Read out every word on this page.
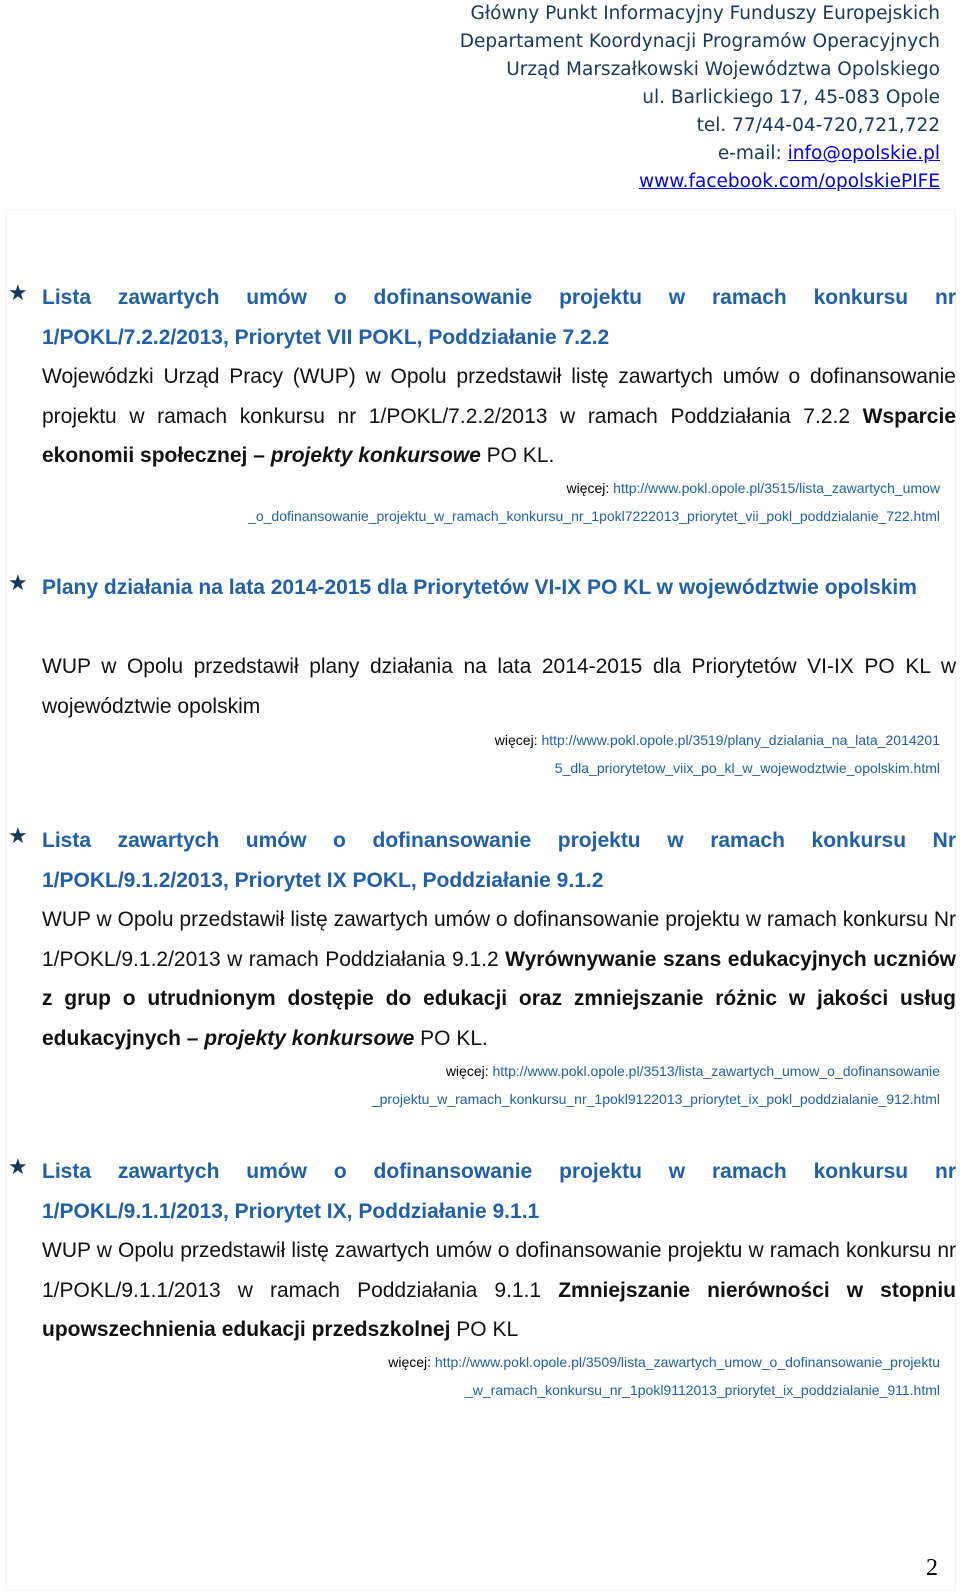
Główny Punkt Informacyjny Funduszy Europejskich
Departament Koordynacji Programów Operacyjnych
Urząd Marszałkowski Województwa Opolskiego
ul. Barlickiego 17, 45-083 Opole
tel. 77/44-04-720,721,722
e-mail: info@opolskie.pl
www.facebook.com/opolskiePIFE
★ Lista zawartych umów o dofinansowanie projektu w ramach konkursu nr 1/POKL/7.2.2/2013, Priorytet VII POKL, Poddziałanie 7.2.2
Wojewódzki Urząd Pracy (WUP) w Opolu przedstawił listę zawartych umów o dofinansowanie projektu w ramach konkursu nr 1/POKL/7.2.2/2013 w ramach Poddziałania 7.2.2 Wsparcie ekonomii społecznej – projekty konkursowe PO KL.
więcej: http://www.pokl.opole.pl/3515/lista_zawartych_umow
_o_dofinansowanie_projektu_w_ramach_konkursu_nr_1pokl7222013_priorytet_vii_pokl_poddzialanie_722.html
★ Plany działania na lata 2014-2015 dla Priorytetów VI-IX PO KL w województwie opolskim
WUP w Opolu przedstawił plany działania na lata 2014-2015 dla Priorytetów VI-IX PO KL w województwie opolskim
więcej: http://www.pokl.opole.pl/3519/plany_dzialania_na_lata_2014201
5_dla_priorytetow_viix_po_kl_w_wojewodztwie_opolskim.html
★ Lista zawartych umów o dofinansowanie projektu w ramach konkursu Nr 1/POKL/9.1.2/2013, Priorytet IX POKL, Poddziałanie 9.1.2
WUP w Opolu przedstawił listę zawartych umów o dofinansowanie projektu w ramach konkursu Nr 1/POKL/9.1.2/2013 w ramach Poddziałania 9.1.2 Wyrównywanie szans edukacyjnych uczniów z grup o utrudnionym dostępie do edukacji oraz zmniejszanie różnic w jakości usług edukacyjnych – projekty konkursowe PO KL.
więcej: http://www.pokl.opole.pl/3513/lista_zawartych_umow_o_dofinansowanie
_projektu_w_ramach_konkursu_nr_1pokl9122013_priorytet_ix_pokl_poddzialanie_912.html
★ Lista zawartych umów o dofinansowanie projektu w ramach konkursu nr 1/POKL/9.1.1/2013, Priorytet IX, Poddziałanie 9.1.1
WUP w Opolu przedstawił listę zawartych umów o dofinansowanie projektu w ramach konkursu nr 1/POKL/9.1.1/2013 w ramach Poddziałania 9.1.1 Zmniejszanie nierówności w stopniu upowszechnienia edukacji przedszkolnej PO KL
więcej: http://www.pokl.opole.pl/3509/lista_zawartych_umow_o_dofinansowanie_projektu
_w_ramach_konkursu_nr_1pokl9112013_priorytet_ix_poddzialanie_911.html
2
